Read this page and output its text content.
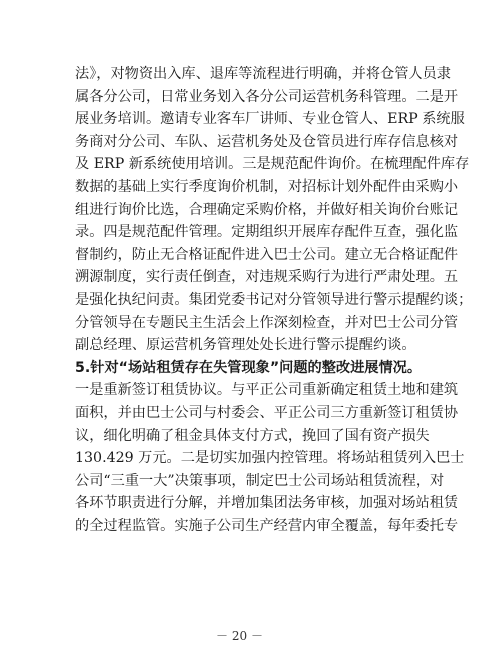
法》，对物资出入库、退库等流程进行明确，并将仓管人员隶
属各分公司，日常业务划入各分公司运营机务科管理。二是开
展业务培训。邀请专业客车厂讲师、专业仓管人、ERP 系统服
务商对分公司、车队、运营机务处及仓管员进行库存信息核对
及 ERP 新系统使用培训。三是规范配件询价。在梳理配件库存
数据的基础上实行季度询价机制，对招标计划外配件由采购小
组进行询价比选，合理确定采购价格，并做好相关询价台账记
录。四是规范配件管理。定期组织开展库存配件互查，强化监
督制约，防止无合格证配件进入巴士公司。建立无合格证配件
溯源制度，实行责任倒查，对违规采购行为进行严肃处理。五
是强化执纪问责。集团党委书记对分管领导进行警示提醒约谈；
分管领导在专题民主生活会上作深刻检查，并对巴士公司分管
副总经理、原运营机务管理处处长进行警示提醒约谈。
5.针对“场站租赁存在失管现象”问题的整改进展情况。
一是重新签订租赁协议。与平正公司重新确定租赁土地和建筑
面积，并由巴士公司与村委会、平正公司三方重新签订租赁协
议，细化明确了租金具体支付方式，挽回了国有资产损失
130.429 万元。二是切实加强内控管理。将场站租赁列入巴士
公司“三重一大”决策事项，制定巴士公司场站租赁流程，对
各环节职责进行分解，并增加集团法务审核，加强对场站租赁
的全过程监管。实施子公司生产经营内审全覆盖，每年委托专
－ 20 －
